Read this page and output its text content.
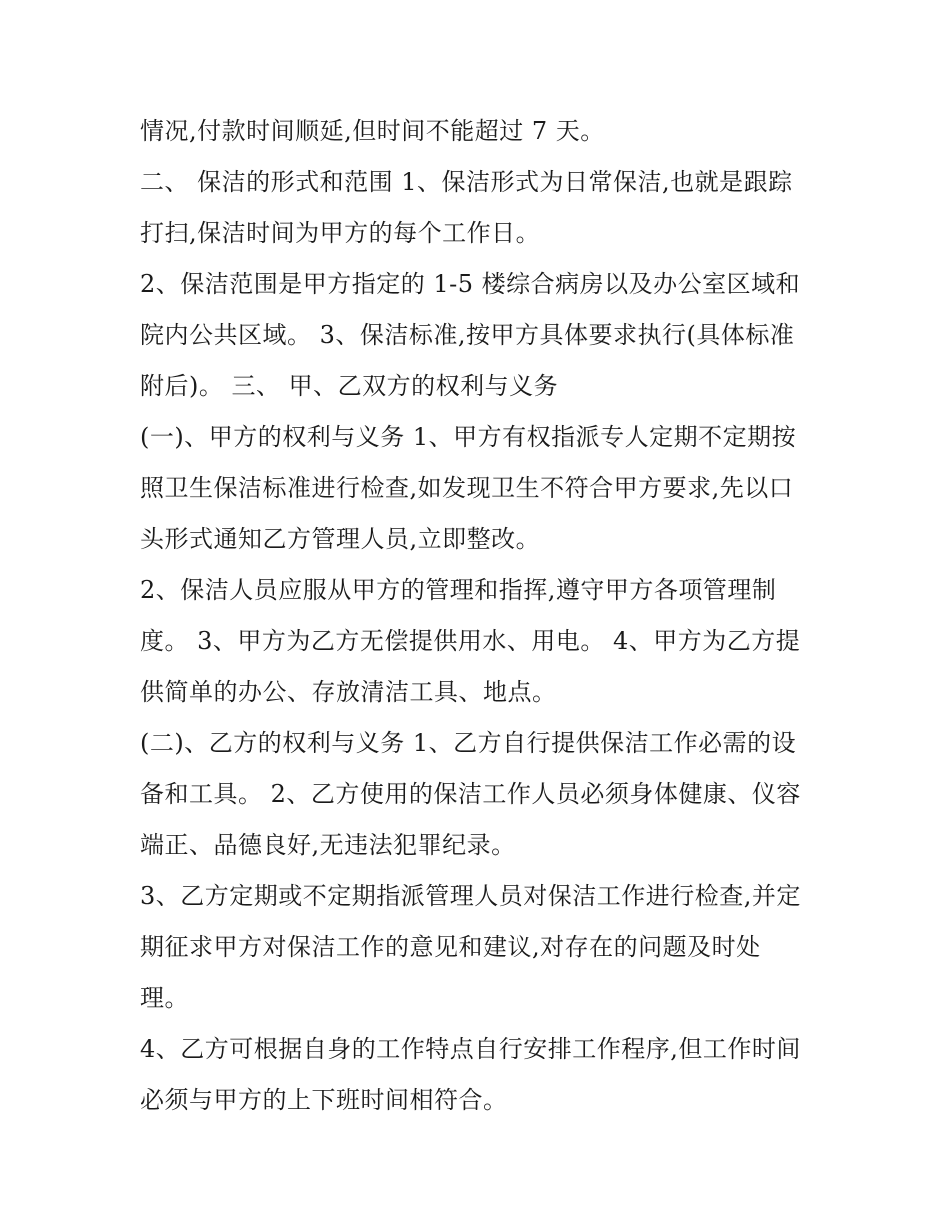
情况,付款时间顺延,但时间不能超过 7 天。
二、 保洁的形式和范围 1、保洁形式为日常保洁,也就是跟踪
打扫,保洁时间为甲方的每个工作日。
2、保洁范围是甲方指定的 1-5 楼综合病房以及办公室区域和
院内公共区域。 3、保洁标准,按甲方具体要求执行(具体标准
附后)。 三、 甲、乙双方的权利与义务
(一)、甲方的权利与义务 1、甲方有权指派专人定期不定期按
照卫生保洁标准进行检查,如发现卫生不符合甲方要求,先以口
头形式通知乙方管理人员,立即整改。
2、保洁人员应服从甲方的管理和指挥,遵守甲方各项管理制
度。 3、甲方为乙方无偿提供用水、用电。 4、甲方为乙方提
供简单的办公、存放清洁工具、地点。
(二)、乙方的权利与义务 1、乙方自行提供保洁工作必需的设
备和工具。 2、乙方使用的保洁工作人员必须身体健康、仪容
端正、品德良好,无违法犯罪纪录。
3、乙方定期或不定期指派管理人员对保洁工作进行检查,并定
期征求甲方对保洁工作的意见和建议,对存在的问题及时处
理。
4、乙方可根据自身的工作特点自行安排工作程序,但工作时间
必须与甲方的上下班时间相符合。
